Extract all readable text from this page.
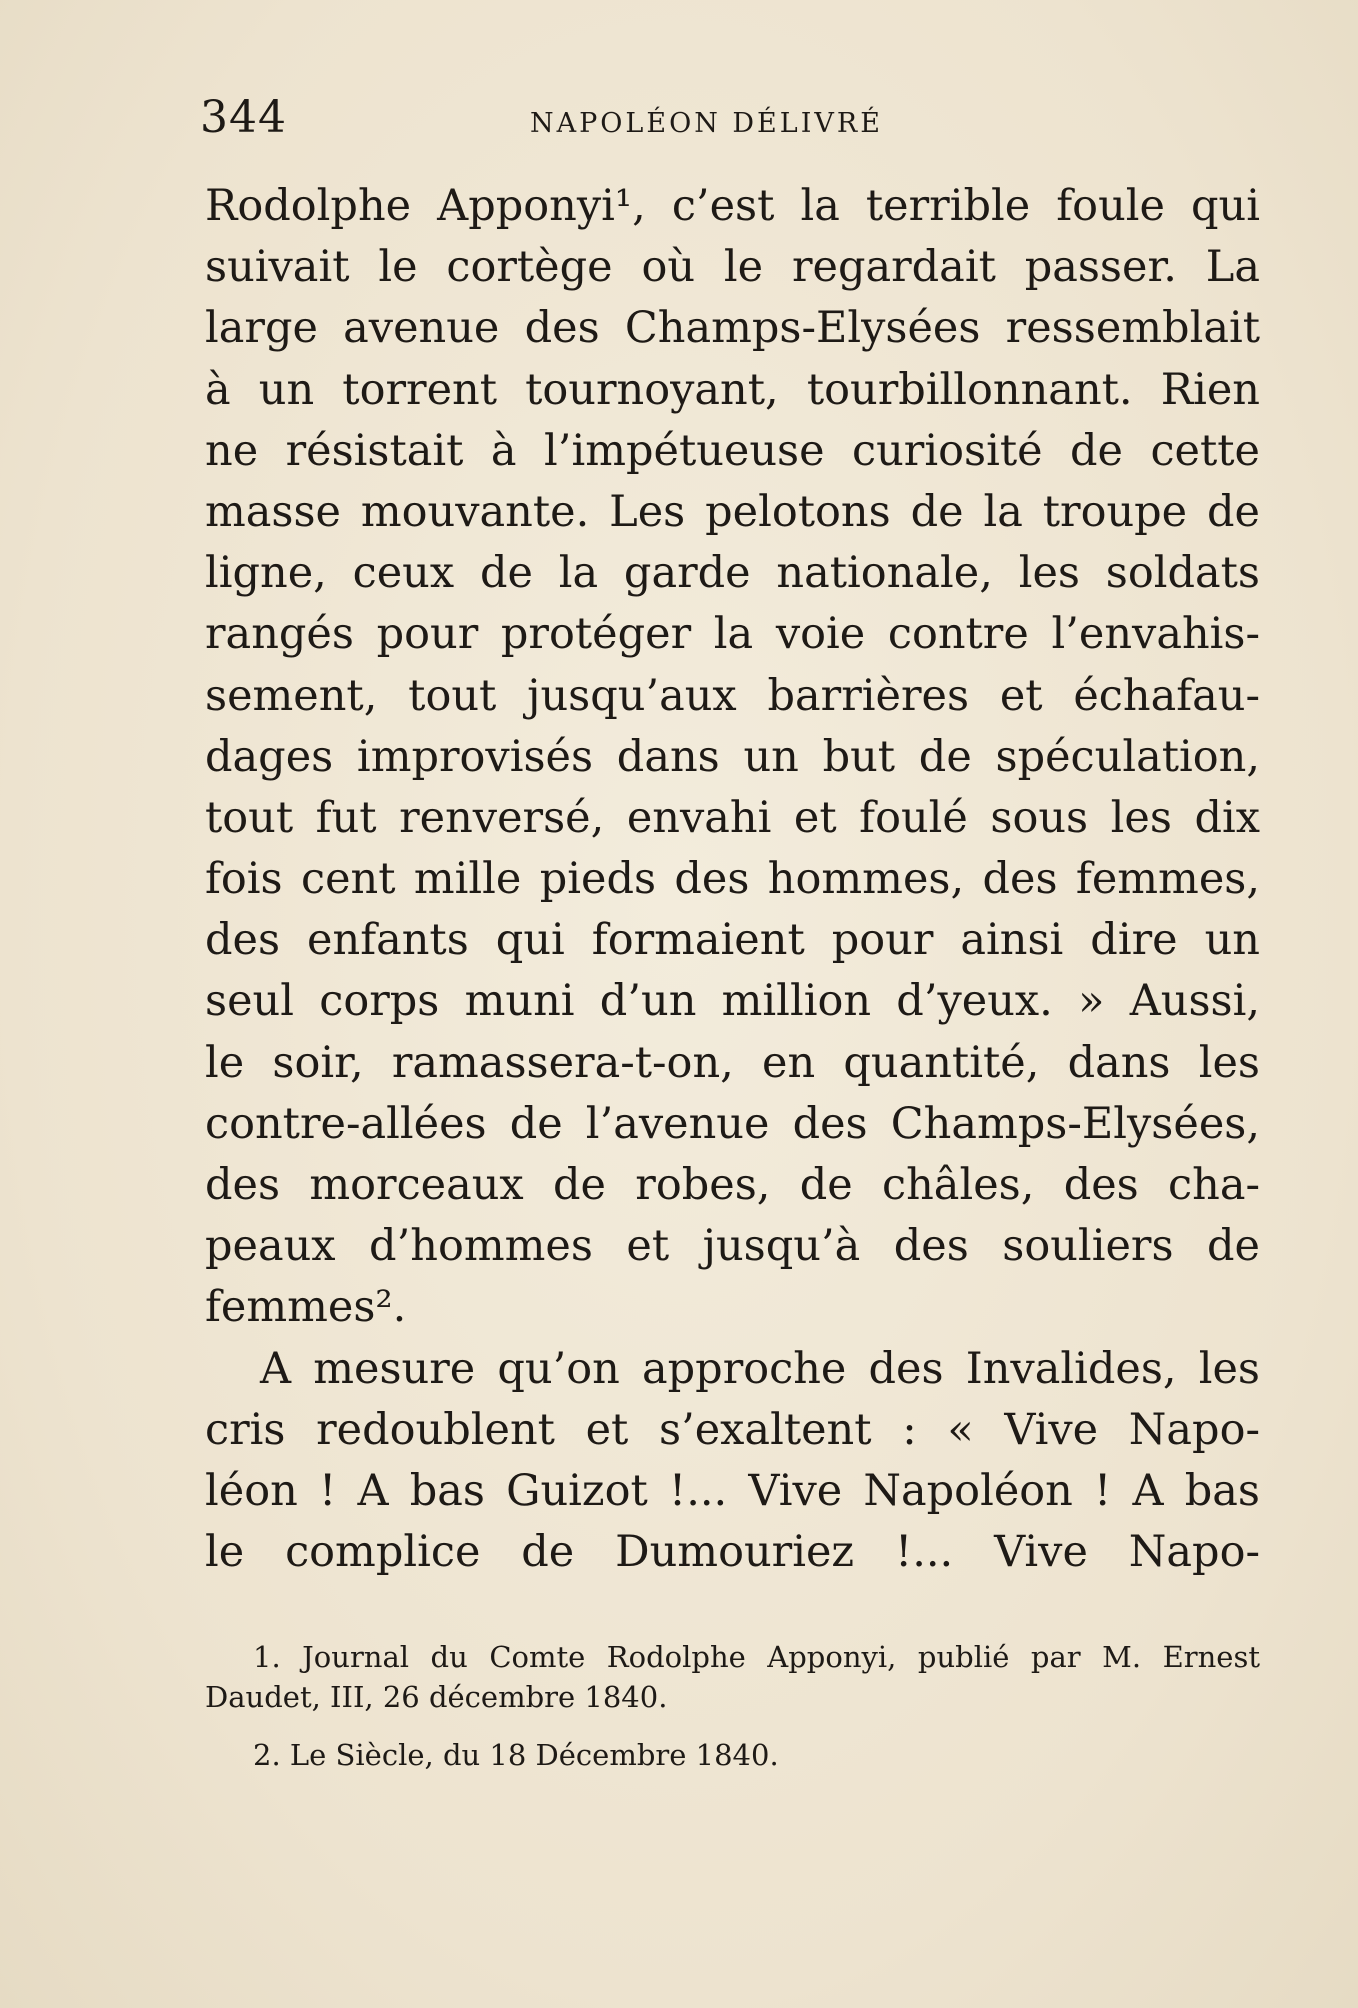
344	NAPOLÉON DÉLIVRÉ
Rodolphe Apponyi¹, c’est la terrible foule qui
suivait le cortège où le regardait passer. La
large avenue des Champs-Elysées ressemblait
à un torrent tournoyant, tourbillonnant. Rien
ne résistait à l’impétueuse curiosité de cette
masse mouvante. Les pelotons de la troupe de
ligne, ceux de la garde nationale, les soldats
rangés pour protéger la voie contre l’envahis-
sement, tout jusqu’aux barrières et échafau-
dages improvisés dans un but de spéculation,
tout fut renversé, envahi et foulé sous les dix
fois cent mille pieds des hommes, des femmes,
des enfants qui formaient pour ainsi dire un
seul corps muni d’un million d’yeux. » Aussi,
le soir, ramassera-t-on, en quantité, dans les
contre-allées de l’avenue des Champs-Elysées,
des morceaux de robes, de châles, des cha-
peaux d’hommes et jusqu’à des souliers de
femmes².
A mesure qu’on approche des Invalides, les
cris redoublent et s’exaltent : « Vive Napo-
léon ! A bas Guizot !... Vive Napoléon ! A bas
le complice de Dumouriez !... Vive Napo-
1. Journal du Comte Rodolphe Apponyi, publié par M. Ernest
Daudet, III, 26 décembre 1840.
2. Le Siècle, du 18 Décembre 1840.
